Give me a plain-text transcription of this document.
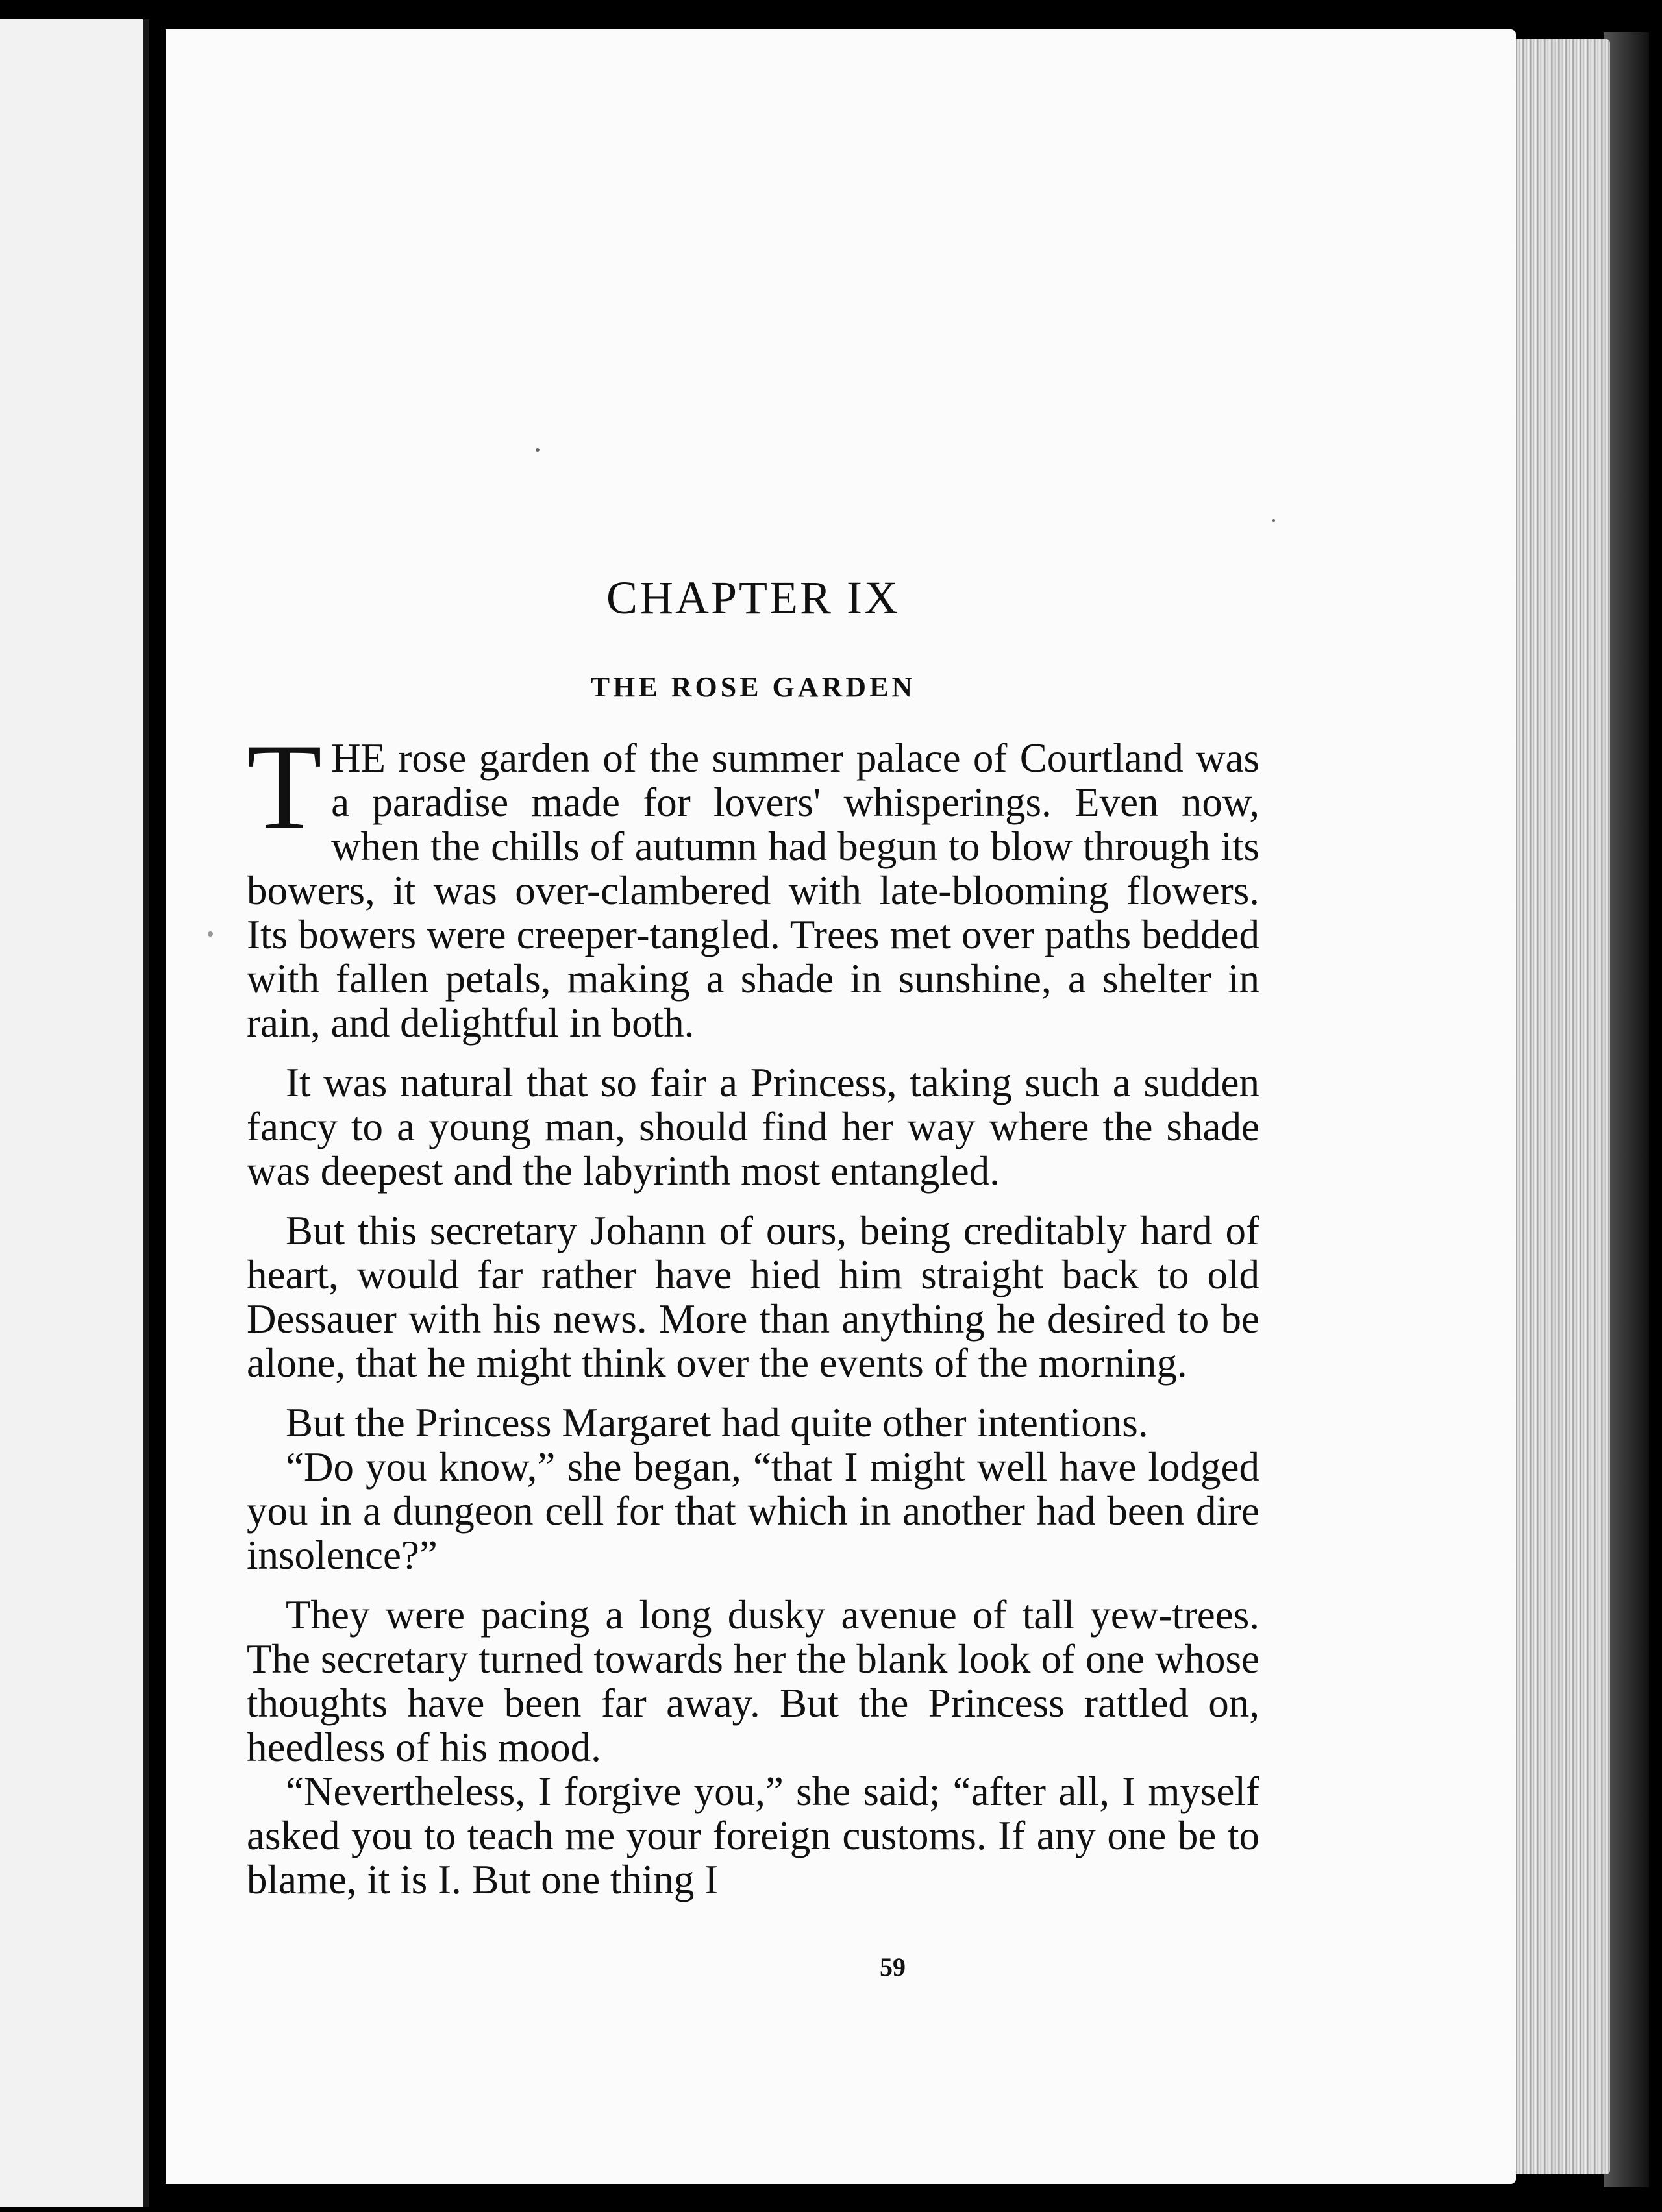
59
CHAPTER IX
THE ROSE GARDEN

THE rose garden of the summer palace of Courtland was a paradise made for lovers' whisperings. Even now, when the chills of autumn had begun to blow through its bowers, it was over-clambered with late-blooming flowers. Its bowers were creeper-tangled. Trees met over paths bedded with fallen petals, making a shade in sunshine, a shelter in rain, and delightful in both.

It was natural that so fair a Princess, taking such a sudden fancy to a young man, should find her way where the shade was deepest and the labyrinth most entangled.

But this secretary Johann of ours, being creditably hard of heart, would far rather have hied him straight back to old Dessauer with his news. More than anything he desired to be alone, that he might think over the events of the morning.

But the Princess Margaret had quite other intentions.

“Do you know,” she began, “that I might well have lodged you in a dungeon cell for that which in another had been dire insolence?”

They were pacing a long dusky avenue of tall yew-trees. The secretary turned towards her the blank look of one whose thoughts have been far away. But the Princess rattled on, heedless of his mood.

“Nevertheless, I forgive you,” she said; “after all, I myself asked you to teach me your foreign customs. If any one be to blame, it is I. But one thing I
